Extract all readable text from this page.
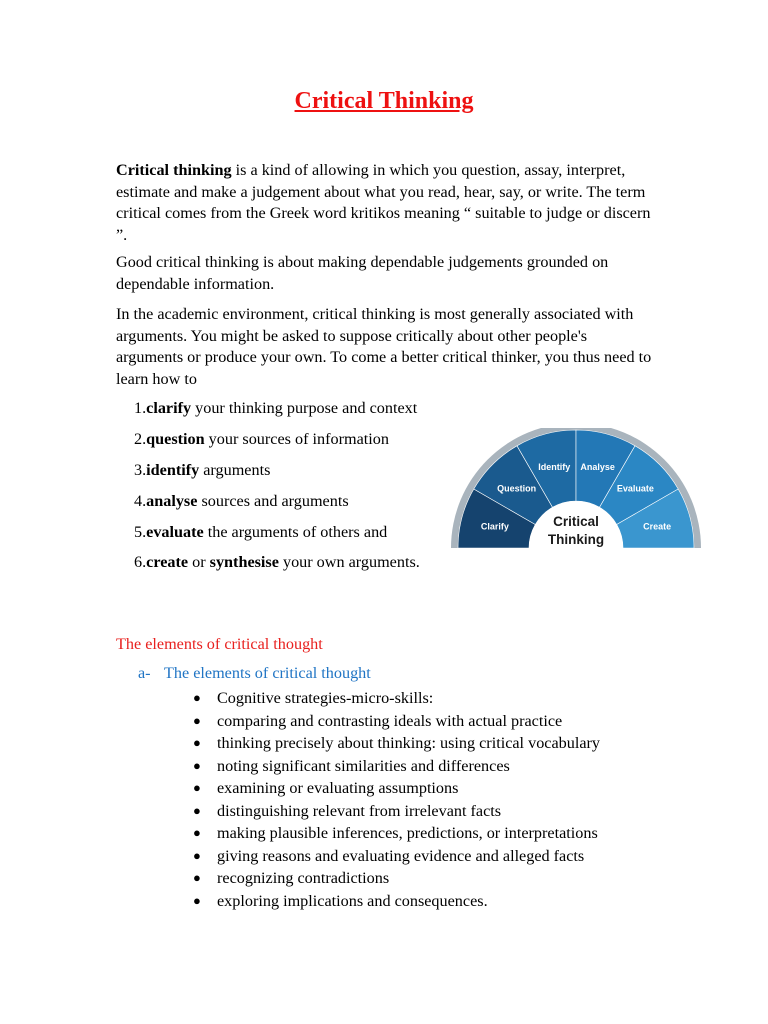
Critical Thinking

Critical thinking is a kind of allowing in which you question, assay, interpret, estimate and make a judgement about what you read, hear, say, or write. The term critical comes from the Greek word kritikos meaning “ suitable to judge or discern ”.

Good critical thinking is about making dependable judgements grounded on dependable information.

In the academic environment, critical thinking is most generally associated with arguments. You might be asked to suppose critically about other people's arguments or produce your own. To come a better critical thinker, you thus need to learn how to

1.clarify your thinking purpose and context
2.question your sources of information
3.identify arguments
4.analyse sources and arguments
5.evaluate the arguments of others and
6.create or synthesise your own arguments.
Clarify
Question
Identify Analyse
Evaluate
Create
Critical
Thinking
The elements of critical thought
a- The elements of critical thought
● Cognitive strategies-micro-skills:
● comparing and contrasting ideals with actual practice
● thinking precisely about thinking: using critical vocabulary
● noting significant similarities and differences
● examining or evaluating assumptions
● distinguishing relevant from irrelevant facts
● making plausible inferences, predictions, or interpretations
● giving reasons and evaluating evidence and alleged facts
● recognizing contradictions
● exploring implications and consequences.
